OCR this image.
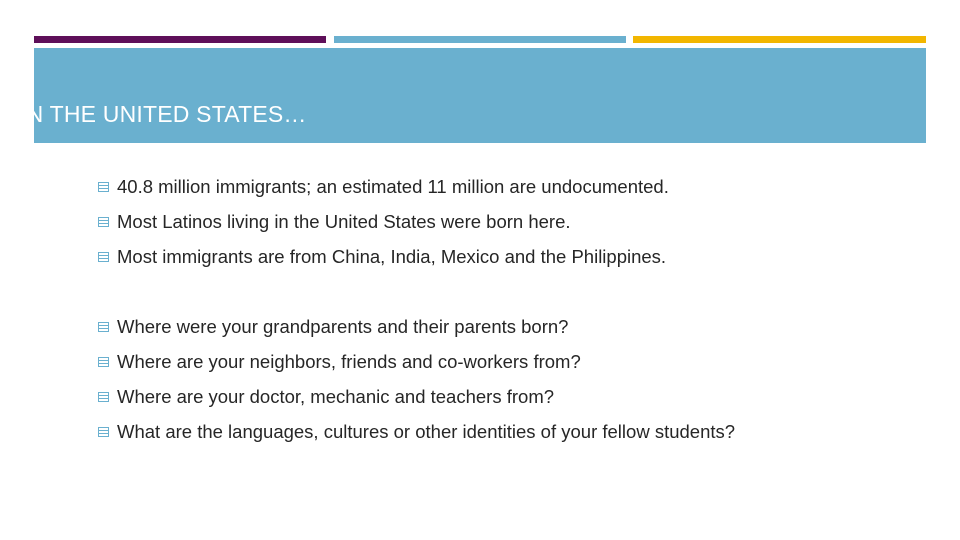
IN THE UNITED STATES…
40.8 million immigrants; an estimated 11 million are undocumented.
Most Latinos living in the United States were born here.
Most immigrants are from China, India, Mexico and the Philippines.
Where were your grandparents and their parents born?
Where are your neighbors, friends and co-workers from?
Where are your doctor, mechanic and teachers from?
What are the languages, cultures or other identities of your fellow students?
